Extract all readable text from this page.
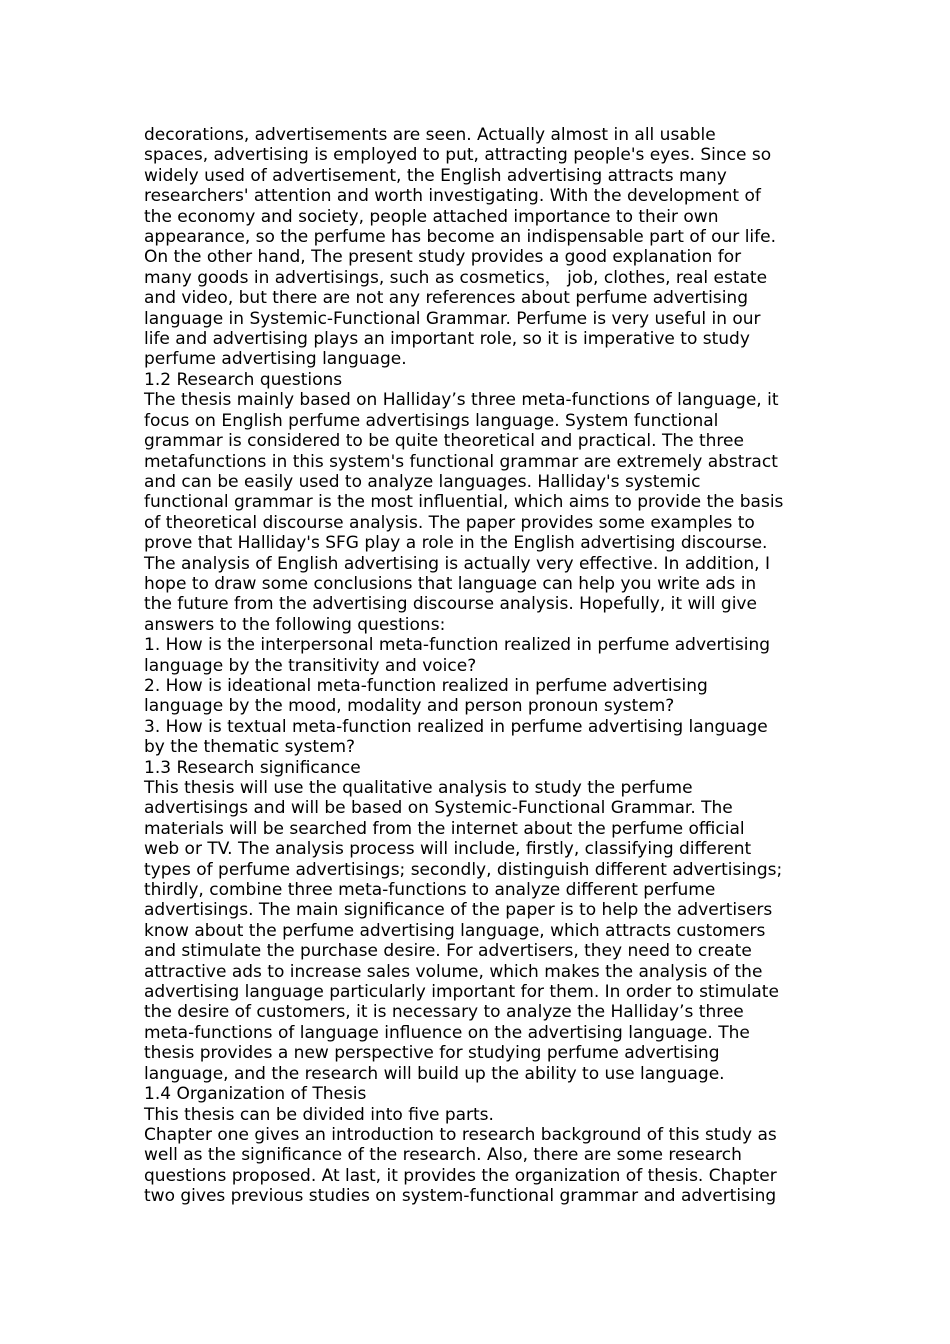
decorations, advertisements are seen. Actually almost in all usable
spaces, advertising is employed to put, attracting people's eyes. Since so
widely used of advertisement, the English advertising attracts many
researchers' attention and worth investigating. With the development of
the economy and society, people attached importance to their own
appearance, so the perfume has become an indispensable part of our life.
On the other hand, The present study provides a good explanation for
many goods in advertisings, such as cosmetics， job, clothes, real estate
and video, but there are not any references about perfume advertising
language in Systemic-Functional Grammar. Perfume is very useful in our
life and advertising plays an important role, so it is imperative to study
perfume advertising language.

1.2 Research questions

The thesis mainly based on Halliday’s three meta-functions of language, it
focus on English perfume advertisings language. System functional
grammar is considered to be quite theoretical and practical. The three
metafunctions in this system's functional grammar are extremely abstract
and can be easily used to analyze languages. Halliday's systemic
functional grammar is the most influential, which aims to provide the basis
of theoretical discourse analysis. The paper provides some examples to
prove that Halliday's SFG play a role in the English advertising discourse.
The analysis of English advertising is actually very effective. In addition, I
hope to draw some conclusions that language can help you write ads in
the future from the advertising discourse analysis. Hopefully, it will give
answers to the following questions:

1. How is the interpersonal meta-function realized in perfume advertising
language by the transitivity and voice?

2. How is ideational meta-function realized in perfume advertising
language by the mood, modality and person pronoun system?

3. How is textual meta-function realized in perfume advertising language
by the thematic system?

1.3 Research significance

This thesis will use the qualitative analysis to study the perfume
advertisings and will be based on Systemic-Functional Grammar. The
materials will be searched from the internet about the perfume official
web or TV. The analysis process will include, firstly, classifying different
types of perfume advertisings; secondly, distinguish different advertisings;
thirdly, combine three meta-functions to analyze different perfume
advertisings. The main significance of the paper is to help the advertisers
know about the perfume advertising language, which attracts customers
and stimulate the purchase desire. For advertisers, they need to create
attractive ads to increase sales volume, which makes the analysis of the
advertising language particularly important for them. In order to stimulate
the desire of customers, it is necessary to analyze the Halliday’s three
meta-functions of language influence on the advertising language. The
thesis provides a new perspective for studying perfume advertising
language, and the research will build up the ability to use language.

1.4 Organization of Thesis

This thesis can be divided into five parts.

Chapter one gives an introduction to research background of this study as
well as the significance of the research. Also, there are some research
questions proposed. At last, it provides the organization of thesis. Chapter
two gives previous studies on system-functional grammar and advertising
